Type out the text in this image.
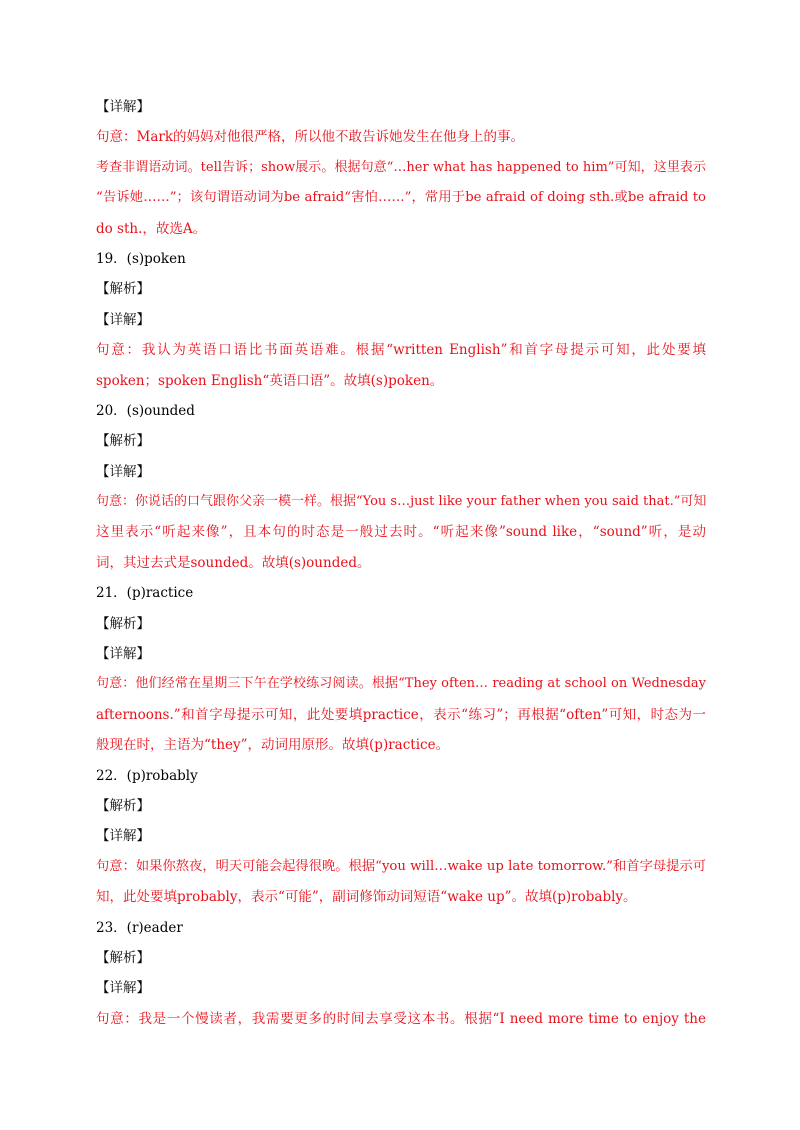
【详解】
句意：Mark的妈妈对他很严格，所以他不敢告诉她发生在他身上的事。
考查非谓语动词。tell告诉；show展示。根据句意“…her what has happened to him”可知，这里表示
“告诉她……”；该句谓语动词为be afraid“害怕……”，常用于be afraid of doing sth.或be afraid to
do sth.，故选A。
19．(s)poken
【解析】
【详解】
句意：我认为英语口语比书面英语难。根据“written English”和首字母提示可知，此处要填
spoken；spoken English“英语口语”。故填(s)poken。
20．(s)ounded
【解析】
【详解】
句意：你说话的口气跟你父亲一模一样。根据“You s…just like your father when you said that.”可知
这里表示“听起来像”，且本句的时态是一般过去时。“听起来像”sound like，“sound”听，是动
词，其过去式是sounded。故填(s)ounded。
21．(p)ractice
【解析】
【详解】
句意：他们经常在星期三下午在学校练习阅读。根据“They often… reading at school on Wednesday
afternoons.”和首字母提示可知，此处要填practice，表示“练习”；再根据“often”可知，时态为一
般现在时，主语为“they”，动词用原形。故填(p)ractice。
22．(p)robably
【解析】
【详解】
句意：如果你熬夜，明天可能会起得很晚。根据“you will…wake up late tomorrow.”和首字母提示可
知，此处要填probably，表示“可能”，副词修饰动词短语“wake up”。故填(p)robably。
23．(r)eader
【解析】
【详解】
句意：我是一个慢读者，我需要更多的时间去享受这本书。根据“I need more time to enjoy the
